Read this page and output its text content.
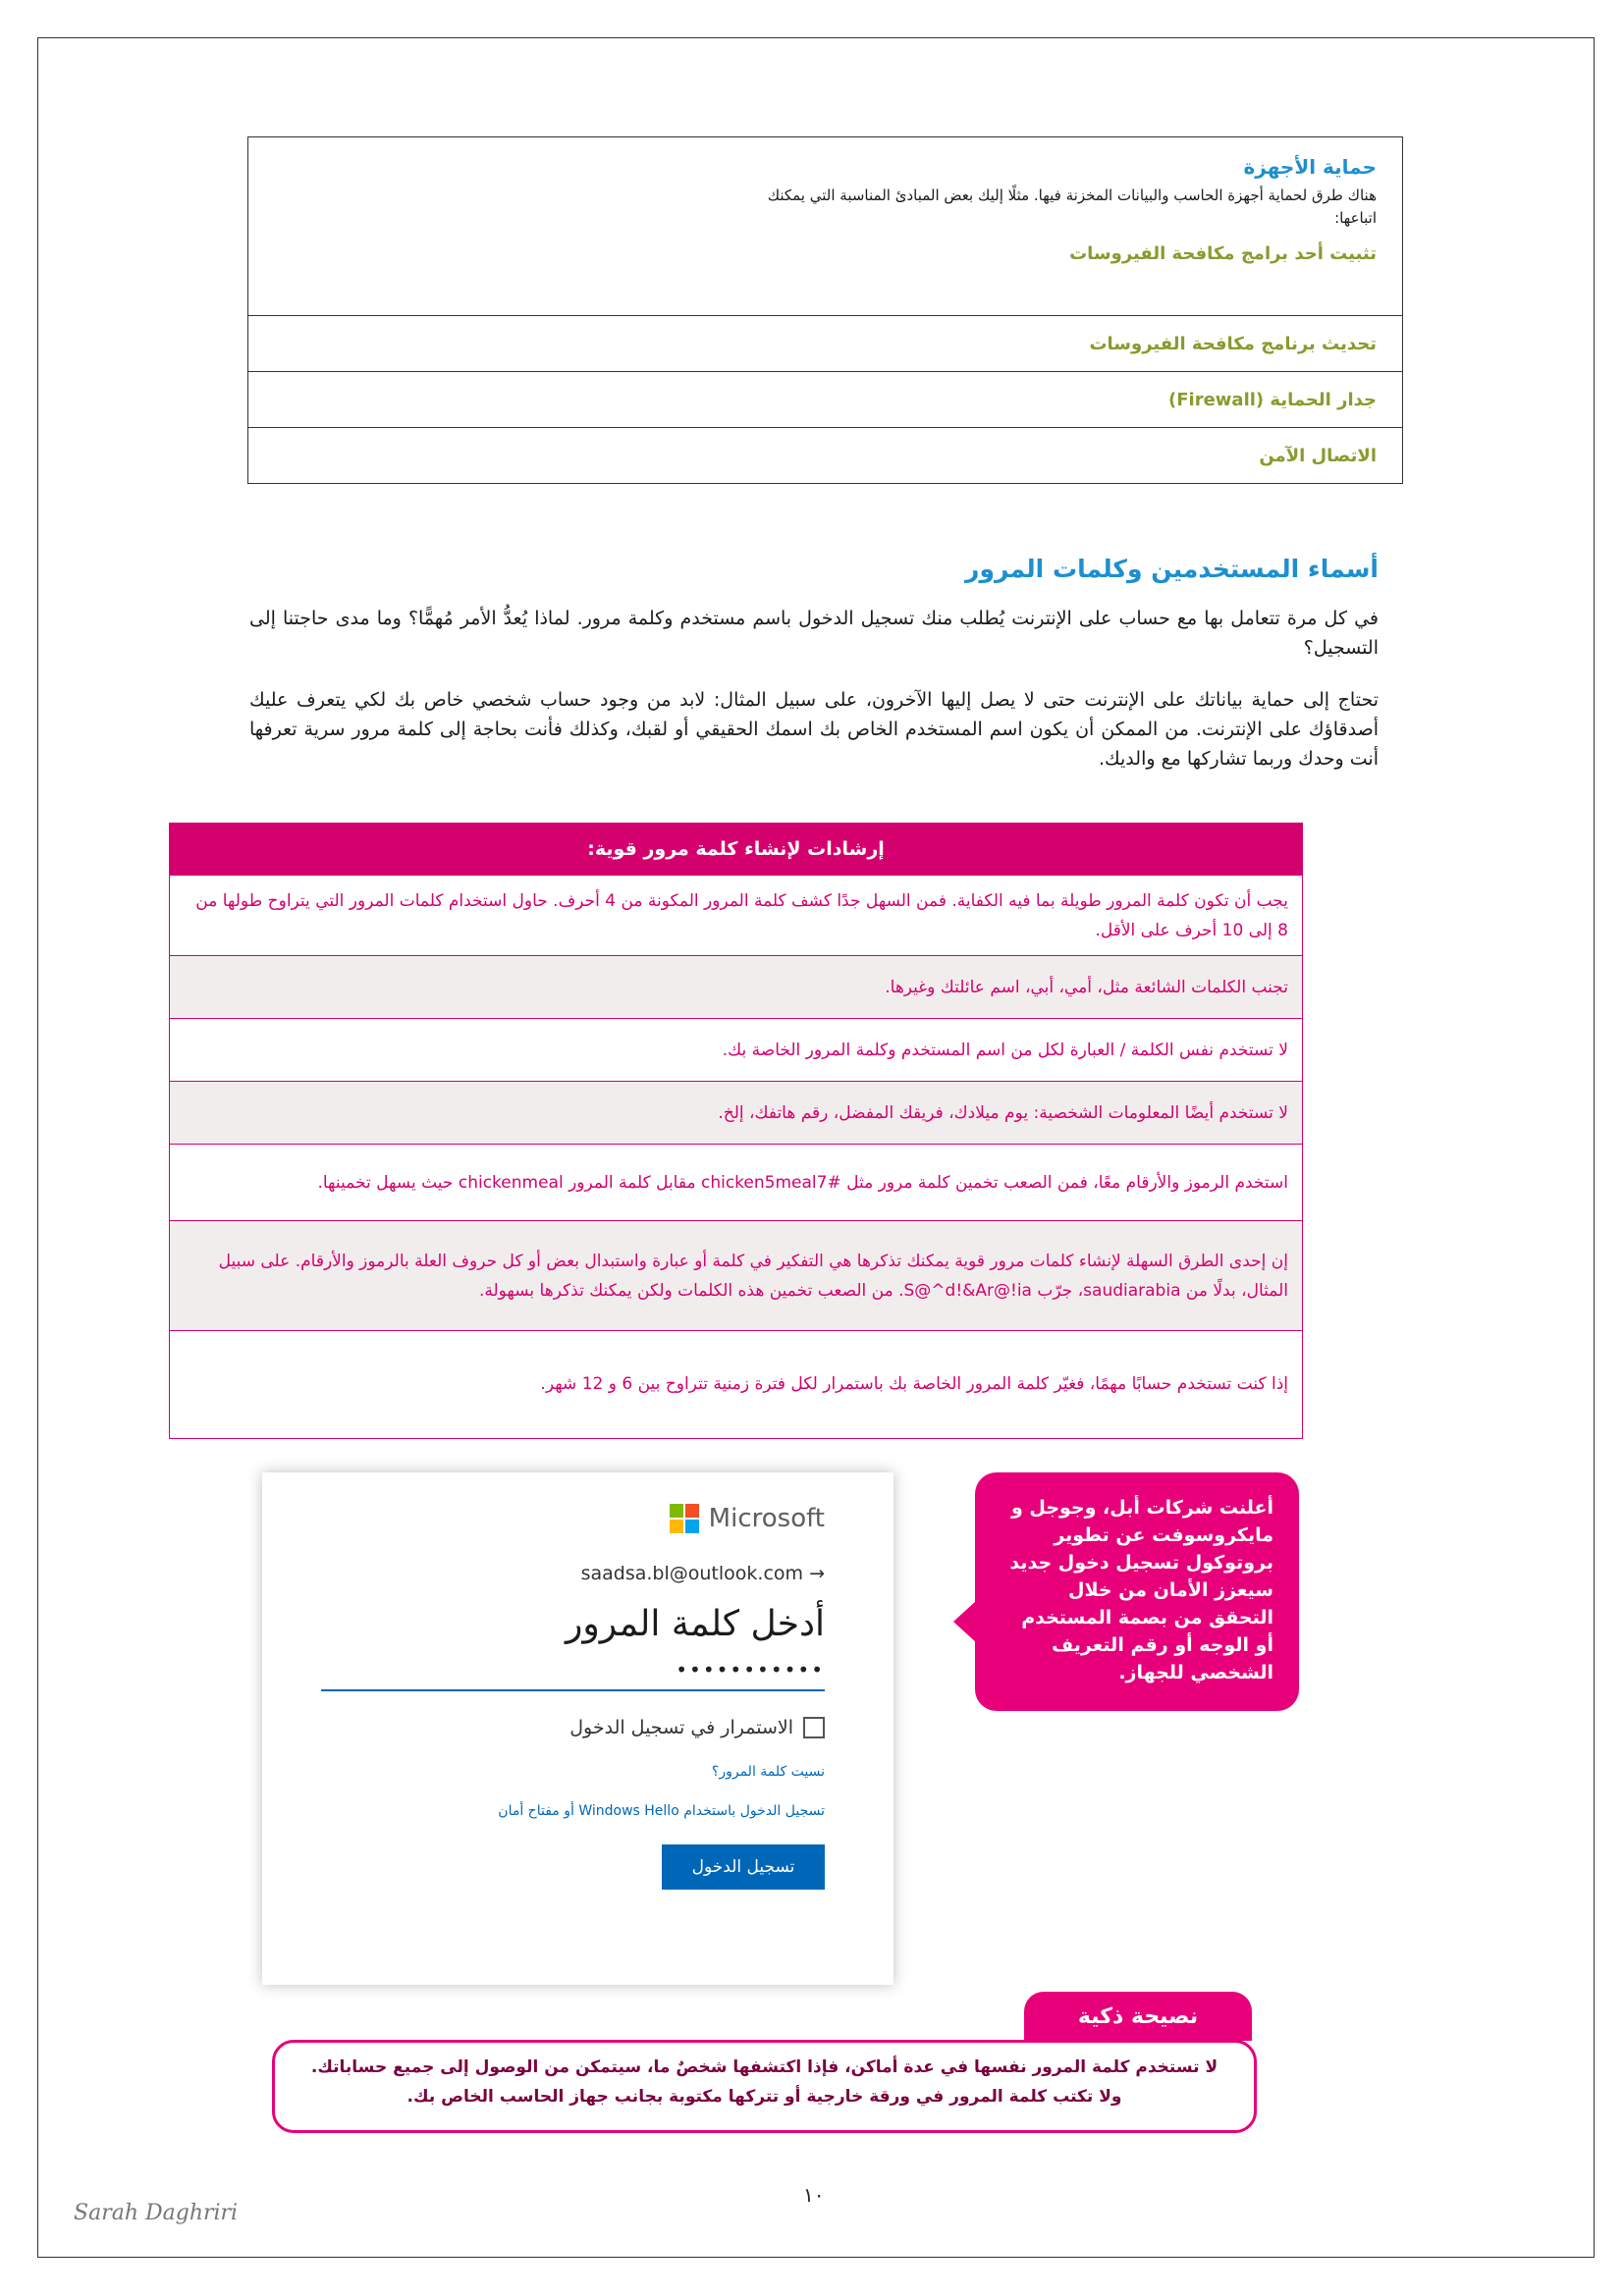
حماية الأجهزة
هناك طرق لحماية أجهزة الحاسب والبيانات المخزنة فيها. مثلًا إليك بعض المبادئ المناسبة التي يمكنك اتباعها:
تثبيت أحد برامج مكافحة الفيروسات
تحديث برنامج مكافحة الفيروسات
جدار الحماية (Firewall)
الاتصال الآمن
أسماء المستخدمين وكلمات المرور
في كل مرة تتعامل بها مع حساب على الإنترنت يُطلب منك تسجيل الدخول باسم مستخدم وكلمة مرور. لماذا يُعدُّ الأمر مُهمًّا؟ وما مدى حاجتنا إلى التسجيل؟
تحتاج إلى حماية بياناتك على الإنترنت حتى لا يصل إليها الآخرون، على سبيل المثال: لابد من وجود حساب شخصي خاص بك لكي يتعرف عليك أصدقاؤك على الإنترنت. من الممكن أن يكون اسم المستخدم الخاص بك اسمك الحقيقي أو لقبك، وكذلك فأنت بحاجة إلى كلمة مرور سرية تعرفها أنت وحدك وربما تشاركها مع والديك.
إرشادات لإنشاء كلمة مرور قوية:
يجب أن تكون كلمة المرور طويلة بما فيه الكفاية. فمن السهل جدًا كشف كلمة المرور المكونة من 4 أحرف. حاول استخدام كلمات المرور التي يتراوح طولها من 8 إلى 10 أحرف على الأقل.
تجنب الكلمات الشائعة مثل، أمي، أبي، اسم عائلتك وغيرها.
لا تستخدم نفس الكلمة / العبارة لكل من اسم المستخدم وكلمة المرور الخاصة بك.
لا تستخدم أيضًا المعلومات الشخصية: يوم ميلادك، فريقك المفضل، رقم هاتفك، إلخ.
استخدم الرموز والأرقام معًا، فمن الصعب تخمين كلمة مرور مثل chicken5meal7# مقابل كلمة المرور chickenmeal حيث يسهل تخمينها.
إن إحدى الطرق السهلة لإنشاء كلمات مرور قوية يمكنك تذكرها هي التفكير في كلمة أو عبارة واستبدال بعض أو كل حروف العلة بالرموز والأرقام. على سبيل المثال، بدلًا من saudiarabia، جرّب S@^d!&Ar@!ia. من الصعب تخمين هذه الكلمات ولكن يمكنك تذكرها بسهولة.
إذا كنت تستخدم حسابًا مهمًا، فغيّر كلمة المرور الخاصة بك باستمرار لكل فترة زمنية تتراوح بين 6 و 12 شهر.
Microsoft
saadsa.bl@outlook.com →
أدخل كلمة المرور
•••••••••••
الاستمرار في تسجيل الدخول
نسيت كلمة المرور؟
تسجيل الدخول باستخدام Windows Hello أو مفتاح أمان
تسجيل الدخول
أعلنت شركات أبل، وجوجل و مايكروسوفت عن تطوير بروتوكول تسجيل دخول جديد سيعزز الأمان من خلال التحقق من بصمة المستخدم أو الوجه أو رقم التعريف الشخصي للجهاز.
نصيحة ذكية
لا تستخدم كلمة المرور نفسها في عدة أماكن، فإذا اكتشفها شخصٌ ما، سيتمكن من الوصول إلى جميع حساباتك.
ولا تكتب كلمة المرور في ورقة خارجية أو تتركها مكتوبة بجانب جهاز الحاسب الخاص بك.
١٠
Sarah Daghriri
